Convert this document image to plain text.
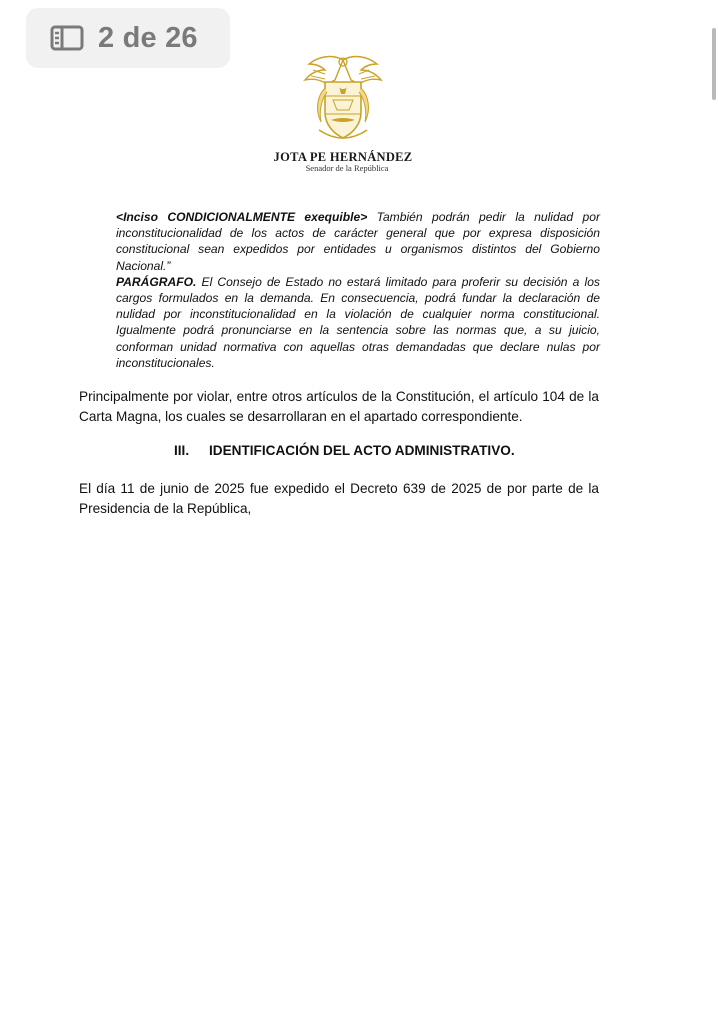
2 de 26
JOTA PE HERNÁNDEZ
Senador de la República

<Inciso CONDICIONALMENTE exequible> También podrán pedir la nulidad por inconstitucionalidad de los actos de carácter general que por expresa disposición constitucional sean expedidos por entidades u organismos distintos del Gobierno Nacional.”

PARÁGRAFO. El Consejo de Estado no estará limitado para proferir su decisión a los cargos formulados en la demanda. En consecuencia, podrá fundar la declaración de nulidad por inconstitucionalidad en la violación de cualquier norma constitucional. Igualmente podrá pronunciarse en la sentencia sobre las normas que, a su juicio, conforman unidad normativa con aquellas otras demandadas que declare nulas por inconstitucionales.

Principalmente por violar, entre otros artículos de la Constitución, el artículo 104 de la Carta Magna, los cuales se desarrollaran en el apartado correspondiente.
III. IDENTIFICACIÓN DEL ACTO ADMINISTRATIVO.
El día 11 de junio de 2025 fue expedido el Decreto 639 de 2025 de por parte de la Presidencia de la República,
